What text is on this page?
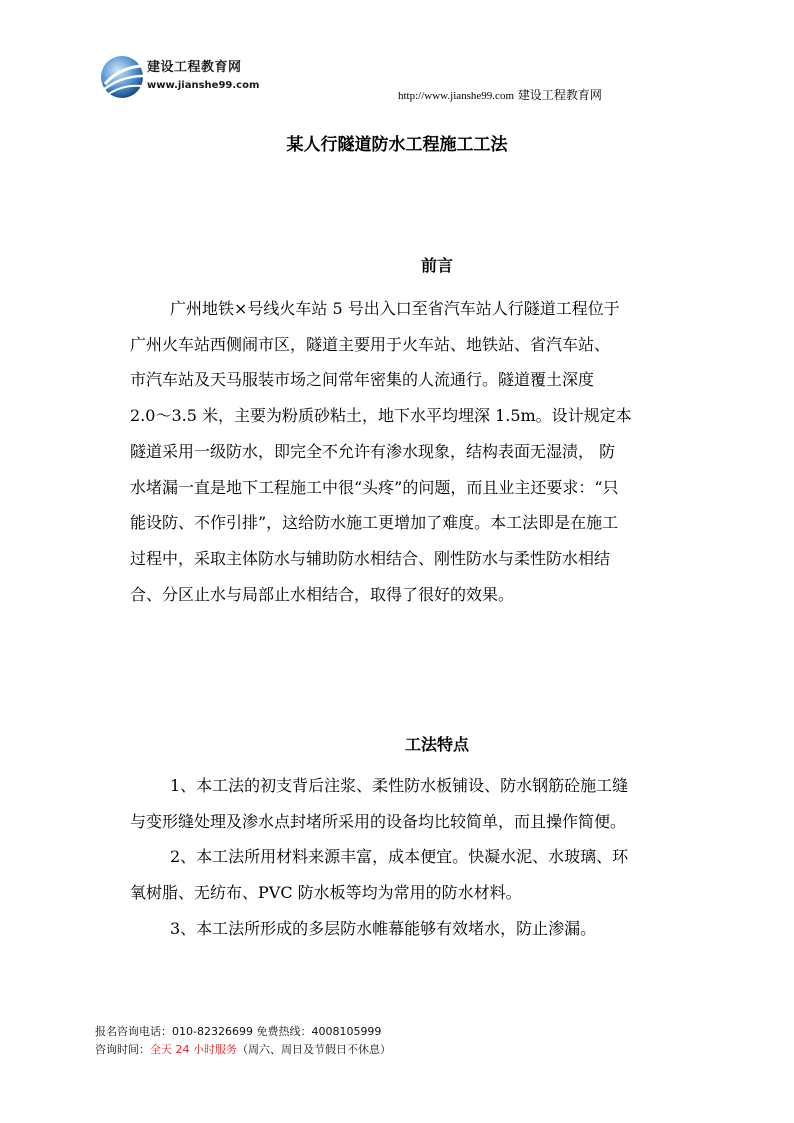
建设工程教育网
www.jianshe99.com
http://www.jianshe99.com 建设工程教育网
某人行隧道防水工程施工工法
前言
广州地铁×号线火车站 5 号出入口至省汽车站人行隧道工程位于
广州火车站西侧闹市区，隧道主要用于火车站、地铁站、省汽车站、
市汽车站及天马服装市场之间常年密集的人流通行。隧道覆土深度
2.0～3.5 米，主要为粉质砂粘土，地下水平均埋深 1.5m。设计规定本
隧道采用一级防水，即完全不允许有渗水现象，结构表面无湿渍， 防
水堵漏一直是地下工程施工中很“头疼”的问题，而且业主还要求：“只
能设防、不作引排”，这给防水施工更增加了难度。本工法即是在施工
过程中，采取主体防水与辅助防水相结合、刚性防水与柔性防水相结
合、分区止水与局部止水相结合，取得了很好的效果。
工法特点
1、本工法的初支背后注浆、柔性防水板铺设、防水钢筋砼施工缝
与变形缝处理及渗水点封堵所采用的设备均比较简单，而且操作简便。
2、本工法所用材料来源丰富，成本便宜。快凝水泥、水玻璃、环
氧树脂、无纺布、PVC 防水板等均为常用的防水材料。
3、本工法所形成的多层防水帷幕能够有效堵水，防止渗漏。
报名咨询电话：010-82326699 免费热线：4008105999
咨询时间：全天 24 小时服务（周六、周日及节假日不休息）
